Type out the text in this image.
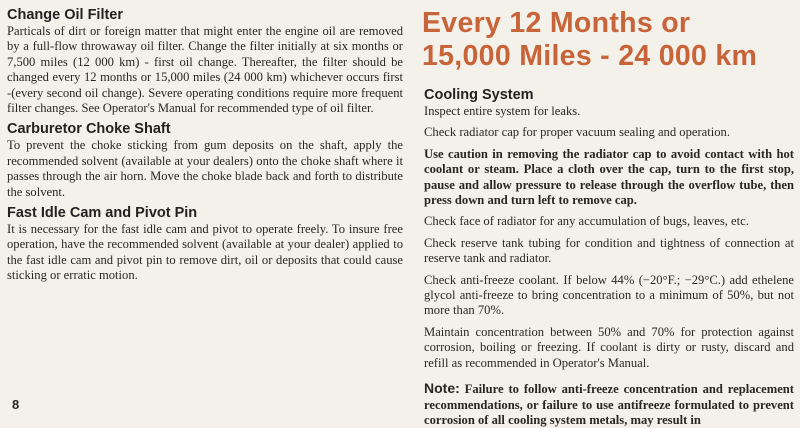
Change Oil Filter

Particals of dirt or foreign matter that might enter the engine oil are removed by a full-flow throwaway oil filter. Change the filter initially at six months or 7,500 miles (12 000 km) - first oil change. Thereafter, the filter should be changed every 12 months or 15,000 miles (24 000 km) whichever occurs first -(every second oil change). Severe operating conditions require more frequent filter changes. See Operator's Manual for recommended type of oil filter.

Carburetor Choke Shaft

To prevent the choke sticking from gum deposits on the shaft, apply the recommended solvent (available at your dealers) onto the choke shaft where it passes through the air horn. Move the choke blade back and forth to distribute the solvent.

Fast Idle Cam and Pivot Pin

It is necessary for the fast idle cam and pivot to operate freely. To insure free operation, have the recommended solvent (available at your dealer) applied to the fast idle cam and pivot pin to remove dirt, oil or deposits that could cause sticking or erratic motion.

8
Every 12 Months or
15,000 Miles - 24 000 km
Cooling System

Inspect entire system for leaks.

Check radiator cap for proper vacuum sealing and operation.

Use caution in removing the radiator cap to avoid contact with hot coolant or steam. Place a cloth over the cap, turn to the first stop, pause and allow pressure to release through the overflow tube, then press down and turn left to remove cap.

Check face of radiator for any accumulation of bugs, leaves, etc.

Check reserve tank tubing for condition and tightness of connection at reserve tank and radiator.

Check anti-freeze coolant. If below 44% (−20°F.; −29°C.) add ethelene glycol anti-freeze to bring concentration to a minimum of 50%, but not more than 70%.

Maintain concentration between 50% and 70% for protection against corrosion, boiling or freezing. If coolant is dirty or rusty, discard and refill as recommended in Operator's Manual.

Note: Failure to follow anti-freeze concentration and replacement recommendations, or failure to use antifreeze formulated to prevent corrosion of all cooling system metals, may result in
